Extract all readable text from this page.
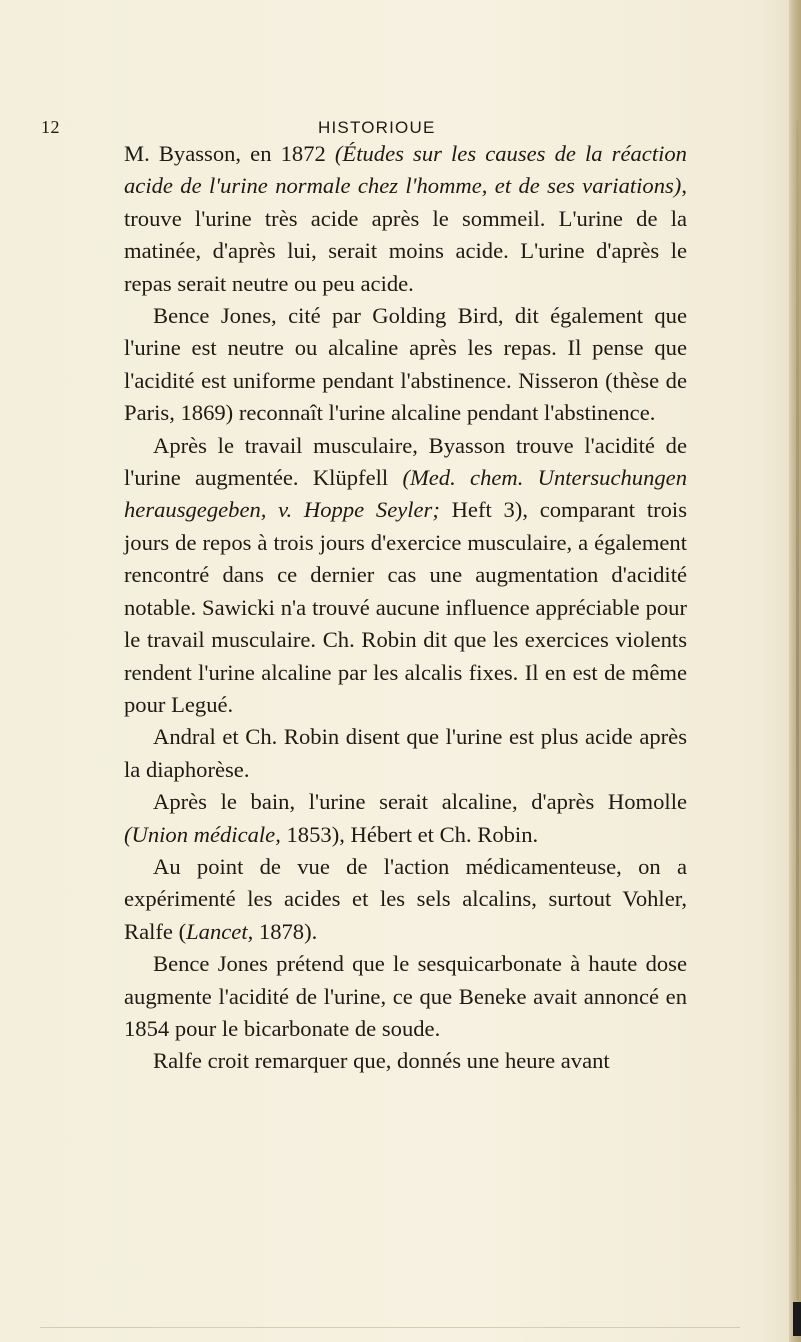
12	HISTORIOUE

M. Byasson, en 1872 (Études sur les causes de la réaction acide de l'urine normale chez l'homme, et de ses variations), trouve l'urine très acide après le sommeil. L'urine de la matinée, d'après lui, serait moins acide. L'urine d'après le repas serait neutre ou peu acide.

Bence Jones, cité par Golding Bird, dit également que l'urine est neutre ou alcaline après les repas. Il pense que l'acidité est uniforme pendant l'abstinence. Nisseron (thèse de Paris, 1869) reconnaît l'urine alcaline pendant l'abstinence.

Après le travail musculaire, Byasson trouve l'acidité de l'urine augmentée. Klüpfell (Med. chem. Untersuchungen herausgegeben, v. Hoppe Seyler; Heft 3), comparant trois jours de repos à trois jours d'exercice musculaire, a également rencontré dans ce dernier cas une augmentation d'acidité notable. Sawicki n'a trouvé aucune influence appréciable pour le travail musculaire. Ch. Robin dit que les exercices violents rendent l'urine alcaline par les alcalis fixes. Il en est de même pour Legué.

Andral et Ch. Robin disent que l'urine est plus acide après la diaphorèse.

Après le bain, l'urine serait alcaline, d'après Homolle (Union médicale, 1853), Hébert et Ch. Robin.

Au point de vue de l'action médicamenteuse, on a expérimenté les acides et les sels alcalins, surtout Vohler, Ralfe (Lancet, 1878).

Bence Jones prétend que le sesquicarbonate à haute dose augmente l'acidité de l'urine, ce que Beneke avait annoncé en 1854 pour le bicarbonate de soude.

Ralfe croit remarquer que, donnés une heure avant
